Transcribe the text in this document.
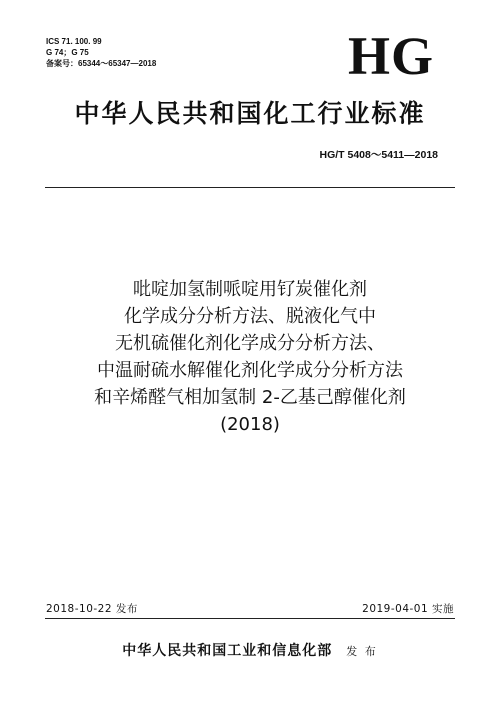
ICS 71. 100. 99
G 74；G 75
备案号：65344～65347—2018	HG
中华人民共和国化工行业标准
HG/T 5408～5411—2018
吡啶加氢制哌啶用钌炭催化剂
化学成分分析方法、脱液化气中
无机硫催化剂化学成分分析方法、
中温耐硫水解催化剂化学成分分析方法
和辛烯醛气相加氢制 2-乙基己醇催化剂
(2018)
2018-10-22 发布	2019-04-01 实施
中华人民共和国工业和信息化部 发 布
